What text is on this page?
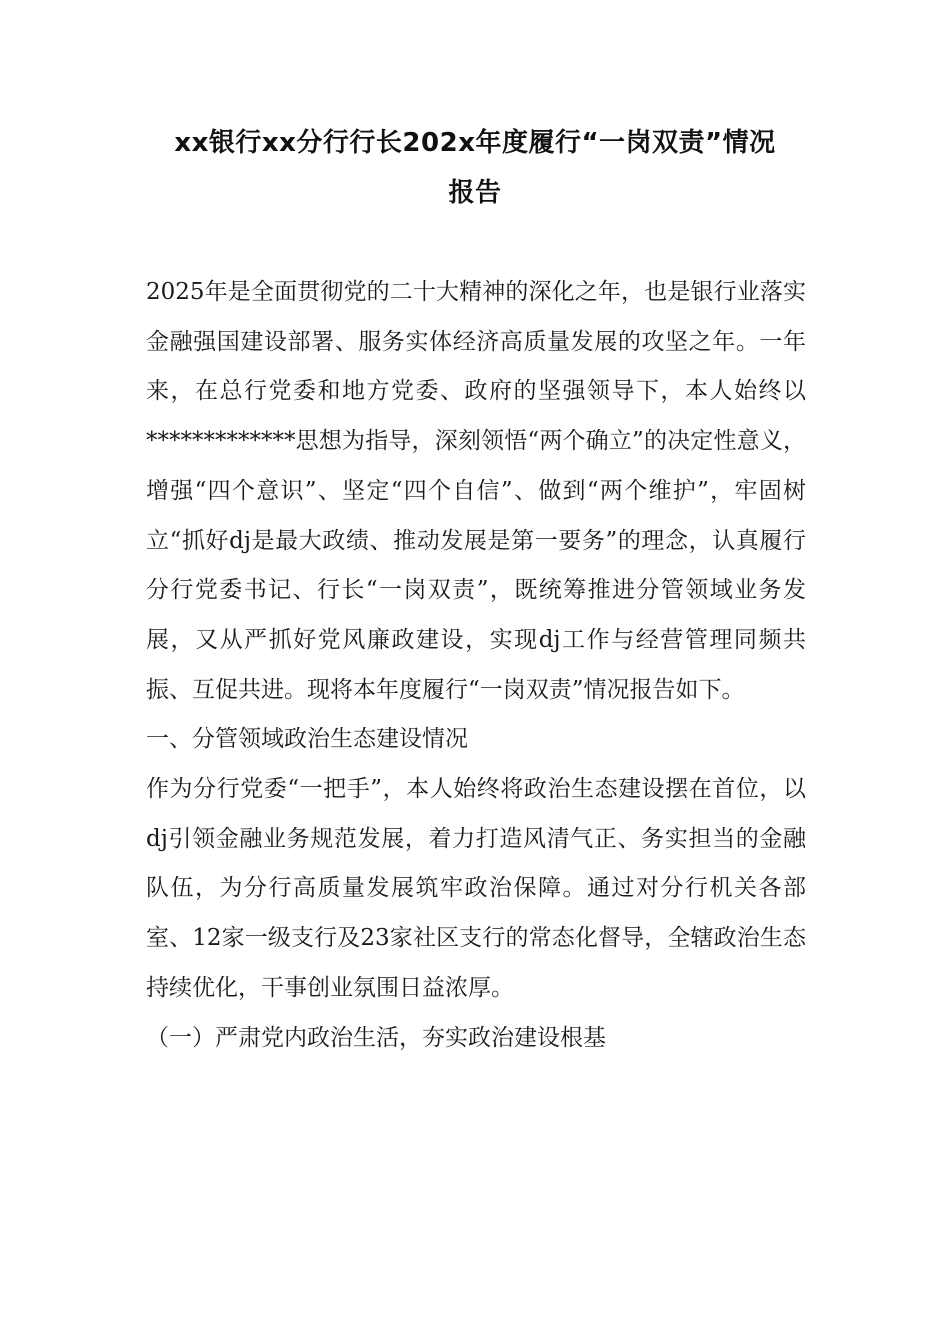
xx银行xx分行行长202x年度履行“一岗双责”情况
报告

2025年是全面贯彻党的二十大精神的深化之年，也是银行业落实金融强国建设部署、服务实体经济高质量发展的攻坚之年。一年来，在总行党委和地方党委、政府的坚强领导下，本人始终以*************思想为指导，深刻领悟“两个确立”的决定性意义，增强“四个意识”、坚定“四个自信”、做到“两个维护”，牢固树立“抓好dj是最大政绩、推动发展是第一要务”的理念，认真履行分行党委书记、行长“一岗双责”，既统筹推进分管领域业务发展，又从严抓好党风廉政建设，实现dj工作与经营管理同频共振、互促共进。现将本年度履行“一岗双责”情况报告如下。

一、分管领域政治生态建设情况

作为分行党委“一把手”，本人始终将政治生态建设摆在首位，以dj引领金融业务规范发展，着力打造风清气正、务实担当的金融队伍，为分行高质量发展筑牢政治保障。通过对分行机关各部室、12家一级支行及23家社区支行的常态化督导，全辖政治生态持续优化，干事创业氛围日益浓厚。

（一）严肃党内政治生活，夯实政治建设根基
